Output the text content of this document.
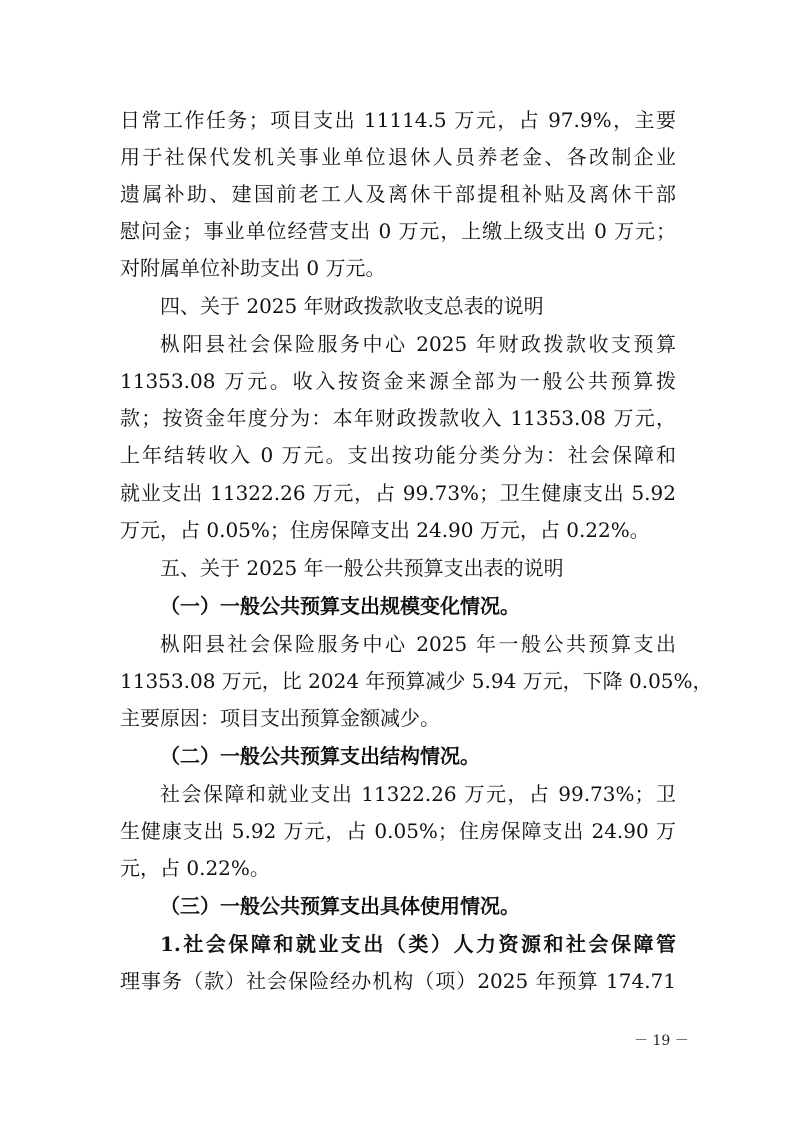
日常工作任务；项目支出 11114.5 万元，占 97.9%，主要
用于社保代发机关事业单位退休人员养老金、各改制企业
遗属补助、建国前老工人及离休干部提租补贴及离休干部
慰问金；事业单位经营支出 0 万元，上缴上级支出 0 万元；
对附属单位补助支出 0 万元。
四、关于 2025 年财政拨款收支总表的说明
枞阳县社会保险服务中心 2025 年财政拨款收支预算
11353.08 万元。收入按资金来源全部为一般公共预算拨
款；按资金年度分为：本年财政拨款收入 11353.08 万元，
上年结转收入 0 万元。支出按功能分类分为：社会保障和
就业支出 11322.26 万元，占 99.73%；卫生健康支出 5.92
万元，占 0.05%；住房保障支出 24.90 万元，占 0.22%。
五、关于 2025 年一般公共预算支出表的说明
（一）一般公共预算支出规模变化情况。
枞阳县社会保险服务中心 2025 年一般公共预算支出
11353.08 万元，比 2024 年预算减少 5.94 万元，下降 0.05%，
主要原因：项目支出预算金额减少。
（二）一般公共预算支出结构情况。
社会保障和就业支出 11322.26 万元，占 99.73%；卫
生健康支出 5.92 万元，占 0.05%；住房保障支出 24.90 万
元，占 0.22%。
（三）一般公共预算支出具体使用情况。
1.社会保障和就业支出（类）人力资源和社会保障管
理事务（款）社会保险经办机构（项）2025 年预算 174.71
－ 19 －
